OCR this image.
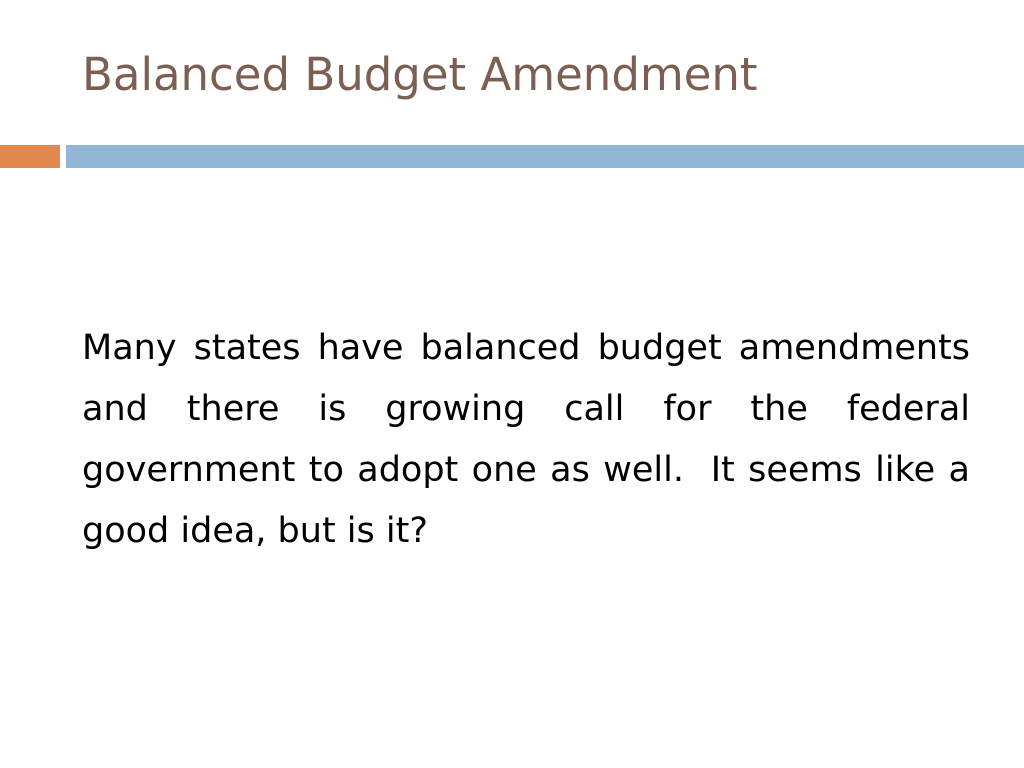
Balanced Budget Amendment

Many states have balanced budget amendments and there is growing call for the federal government to adopt one as well.  It seems like a good idea, but is it?
